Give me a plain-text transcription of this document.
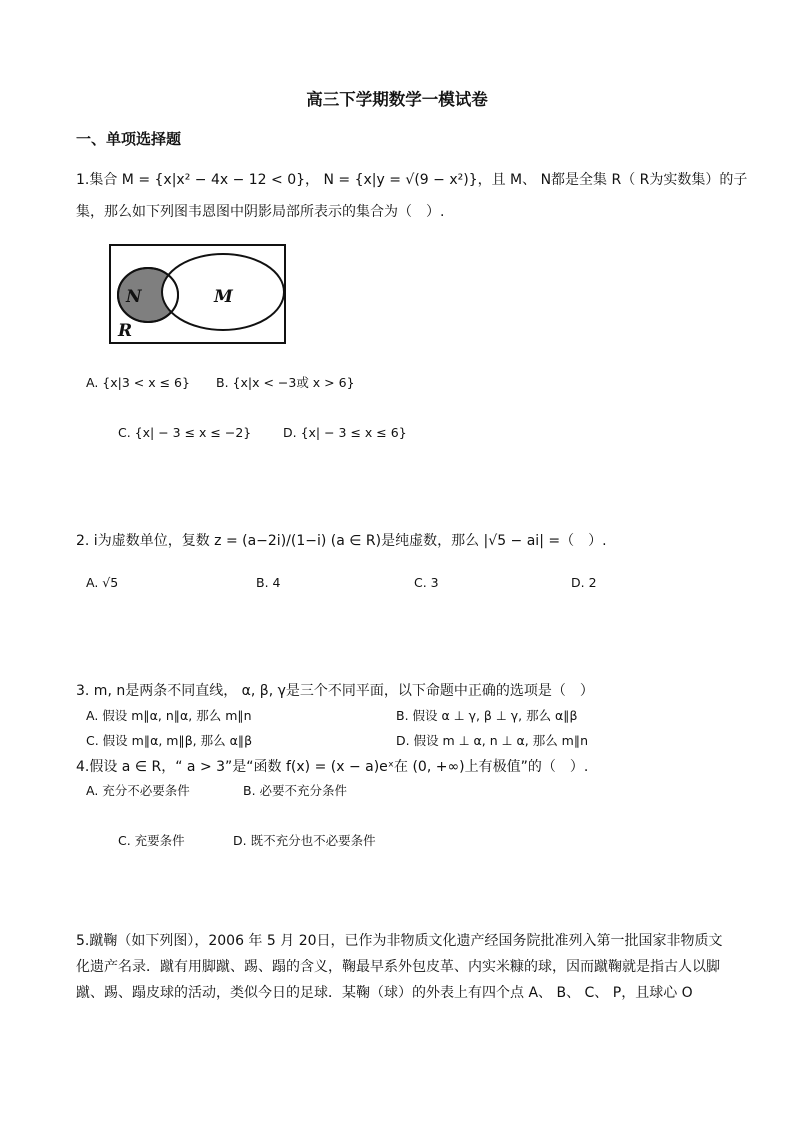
高三下学期数学一模试卷
一、单项选择题
1.集合 M = {x|x² − 4x − 12 < 0}， N = {x|y = √(9 − x²)}，且 M、 N都是全集 R（ R为实数集）的子
集，那么如下列图韦恩图中阴影局部所表示的集合为（　）.
N	M
R
A. {x|3 < x ≤ 6} B. {x|x < −3或 x > 6}
C. {x| − 3 ≤ x ≤ −2}	D. {x| − 3 ≤ x ≤ 6}
2. i为虚数单位，复数 z = (a−2i)/(1−i) (a ∈ R)是纯虚数，那么 |√5 − ai| =（　）.
A. √5	B. 4	C. 3	D. 2
3. m, n是两条不同直线， α, β, γ是三个不同平面，以下命题中正确的选项是（　）
A. 假设 m∥α, n∥α, 那么 m∥n	B. 假设 α ⊥ γ, β ⊥ γ, 那么 α∥β
C. 假设 m∥α, m∥β, 那么 α∥β	D. 假设 m ⊥ α, n ⊥ α, 那么 m∥n
4.假设 a ∈ R，“ a > 3”是“函数 f(x) = (x − a)eˣ在 (0, +∞)上有极值”的（　）.
A. 充分不必要条件	B. 必要不充分条件
C. 充要条件	D. 既不充分也不必要条件
5.蹴鞠（如下列图），2006 年 5 月 20日，已作为非物质文化遗产经国务院批准列入第一批国家非物质文
化遗产名录．蹴有用脚蹴、踢、蹋的含义，鞠最早系外包皮革、内实米糠的球，因而蹴鞠就是指古人以脚
蹴、踢、蹋皮球的活动，类似今日的足球．某鞠（球）的外表上有四个点 A、 B、 C、 P，且球心 O
